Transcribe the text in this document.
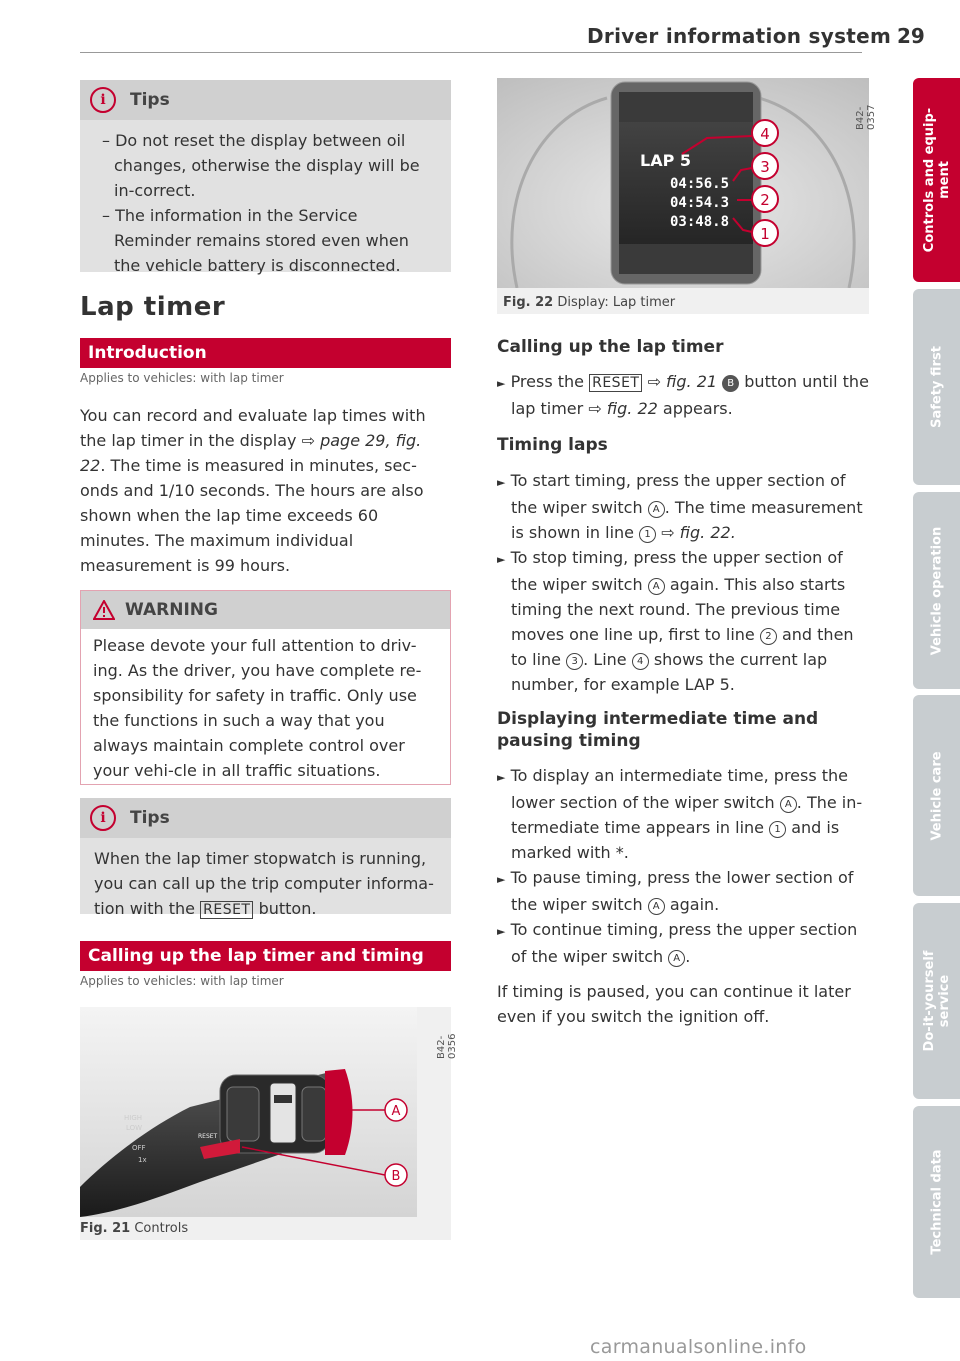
Driver information system 29
i	Tips
– Do not reset the display between oil changes, otherwise the display will be in-correct.
– The information in the Service Reminder remains stored even when the vehicle battery is disconnected.
Lap timer
Introduction
Applies to vehicles: with lap timer
You can record and evaluate lap times with the lap timer in the display ⇨ page 29, fig. 22. The time is measured in minutes, sec-onds and 1/10 seconds. The hours are also shown when the lap time exceeds 60 minutes. The maximum individual measurement is 99 hours.
WARNING
Please devote your full attention to driv-ing. As the driver, you have complete re-sponsibility for safety in traffic. Only use the functions in such a way that you always maintain complete control over your vehi-cle in all traffic situations.
i	Tips
When the lap timer stopwatch is running, you can call up the trip computer informa-tion with the RESET button.
Calling up the lap timer and timing
Applies to vehicles: with lap timer
HIGH
LOW
OFF
1x
RESET
A
B
B42-0356
Fig. 21 Controls
LAP 5
04:56.5
04:54.3
03:48.8
4
3
2
1
B42-0357
Fig. 22 Display: Lap timer
Calling up the lap timer
► Press the RESET ⇨ fig. 21 B button until the lap timer ⇨ fig. 22 appears.
Timing laps
► To start timing, press the upper section of the wiper switch A . The time measurement is shown in line 1 ⇨ fig. 22.
► To stop timing, press the upper section of the wiper switch A again. This also starts timing the next round. The previous time moves one line up, first to line 2 and then to line 3 . Line 4 shows the current lap number, for example LAP 5.
Displaying intermediate time and pausing timing
► To display an intermediate time, press the lower section of the wiper switch A . The in-termediate time appears in line 1 and is marked with *.
► To pause timing, press the lower section of the wiper switch A again.
► To continue timing, press the upper section of the wiper switch A .
If timing is paused, you can continue it later even if you switch the ignition off.
Controls and equip-
ment
Safety first
Vehicle operation
Vehicle care
Do-it-yourself
service
Technical data
carmanualsonline.info
